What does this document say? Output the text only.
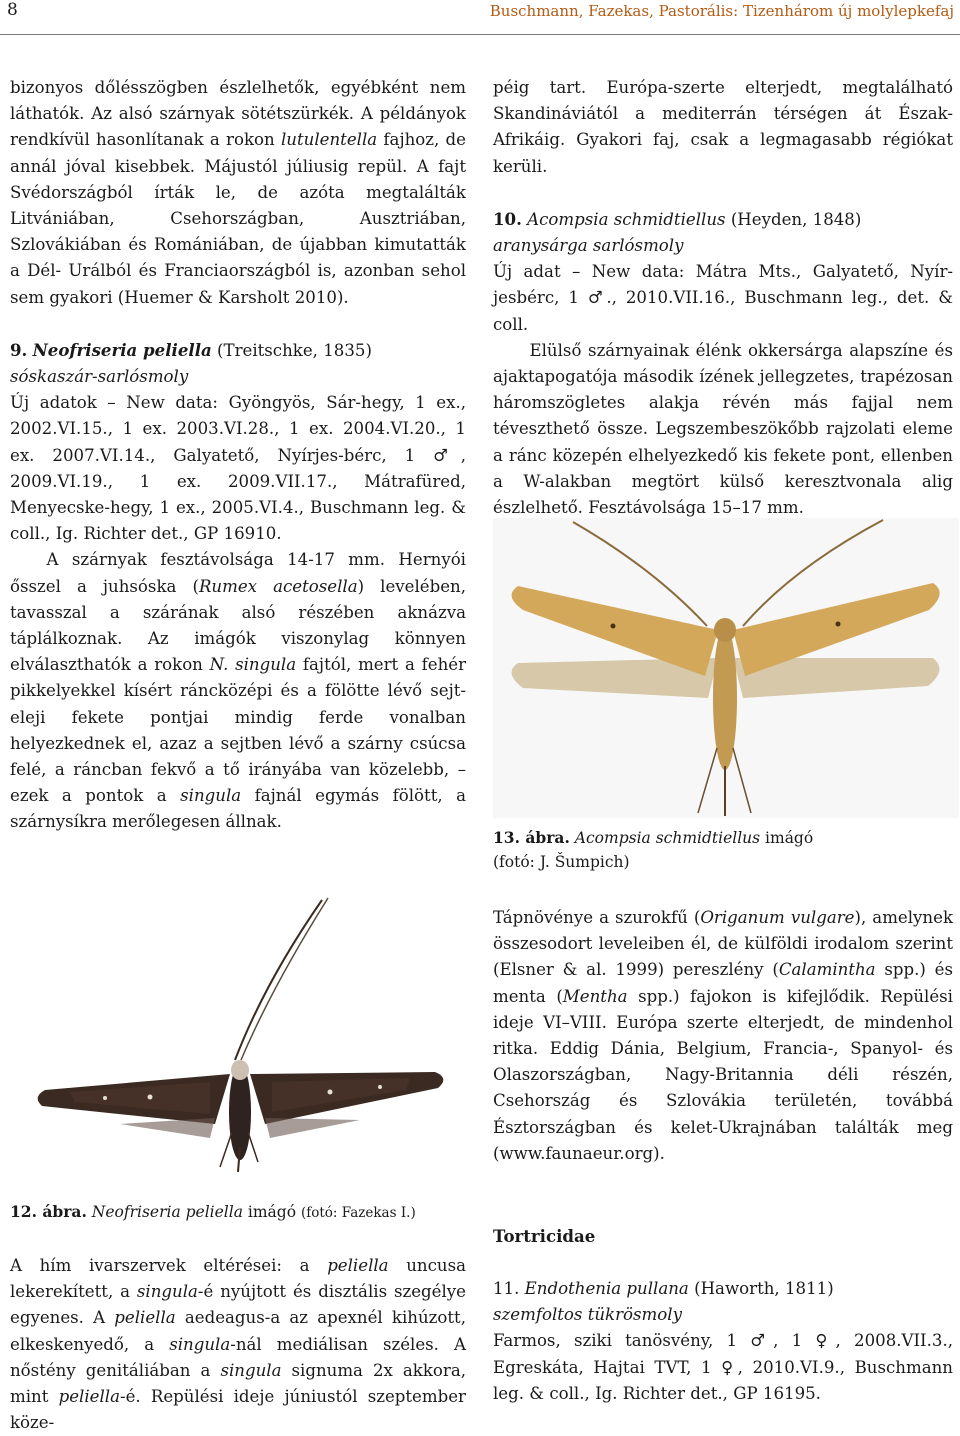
8	Buschmann, Fazekas, Pastorális: Tizenhárom új molylepkefaj

bizonyos dőlésszögben észlelhetők, egyébként nem láthatók. Az alsó szárnyak sötétszürkék. A példányok rendkívül hasonlítanak a rokon lutulentella fajhoz, de annál jóval kisebbek. Májustól júliusig repül. A fajt Svédországból írták le, de azóta megtalálták Litvániában, Csehországban, Ausztriában, Szlovákiában és Romániában, de újabban kimutatták a Dél- Urálból és Franciaországból is, azonban sehol sem gyakori (Huemer & Karsholt 2010).

9. Neofriseria peliella (Treitschke, 1835)

sóskaszár-sarlósmoly

Új adatok – New data: Gyöngyös, Sár-hegy, 1 ex., 2002.VI.15., 1 ex. 2003.VI.28., 1 ex. 2004.VI.20., 1 ex. 2007.VI.14., Galyatető, Nyírjes-bérc, 1 ♂, 2009.VI.19., 1 ex. 2009.VII.17., Mátrafüred, Menyecske-hegy, 1 ex., 2005.VI.4., Buschmann leg. & coll., Ig. Richter det., GP 16910.

A szárnyak fesztávolsága 14-17 mm. Hernyói ősszel a juhsóska (Rumex acetosella) levelében, tavasszal a szárának alsó részében aknázva táplálkoznak. Az imágók viszonylag könnyen elválaszthatók a rokon N. singula fajtól, mert a fehér pikkelyekkel kísért ráncközépi és a fölötte lévő sejt-eleji fekete pontjai mindig ferde vonalban helyezkednek el, azaz a sejtben lévő a szárny csúcsa felé, a ráncban fekvő a tő irányába van közelebb, – ezek a pontok a singula fajnál egymás fölött, a szárnysíkra merőlegesen állnak.

12. ábra. Neofriseria peliella imágó (fotó: Fazekas I.)

A hím ivarszervek eltérései: a peliella uncusa lekerekített, a singula-é nyújtott és disztális szegélye egyenes. A peliella aedeagus-a az apexnél kihúzott, elkeskenyedő, a singula-nál mediálisan széles. A nőstény genitáliában a singula signuma 2x akkora, mint peliella-é. Repülési ideje júniustól szeptember köze-

péig tart. Európa-szerte elterjedt, megtalálható Skandináviától a mediterrán térségen át Észak-Afrikáig. Gyakori faj, csak a legmagasabb régiókat kerüli.

10. Acompsia schmidtiellus (Heyden, 1848)

aranysárga sarlósmoly

Új adat – New data: Mátra Mts., Galyatető, Nyír-jesbérc, 1 ♂., 2010.VII.16., Buschmann leg., det. & coll.

Elülső szárnyainak élénk okkersárga alapszíne és ajaktapogatója második ízének jellegzetes, trapézosan háromszögletes alakja révén más fajjal nem téveszthető össze. Legszembeszökőbb rajzolati eleme a ránc közepén elhelyezkedő kis fekete pont, ellenben a W-alakban megtört külső keresztvonala alig észlelhető. Fesztávolsága 15–17 mm.

13. ábra. Acompsia schmidtiellus imágó
(fotó: J. Šumpich)

Tápnövénye a szurokfű (Origanum vulgare), amelynek összesodort leveleiben él, de külföldi irodalom szerint (Elsner & al. 1999) pereszlény (Calamintha spp.) és menta (Mentha spp.) fajokon is kifejlődik. Repülési ideje VI–VIII. Európa szerte elterjedt, de mindenhol ritka. Eddig Dánia, Belgium, Francia-, Spanyol- és Olaszországban, Nagy-Britannia déli részén, Csehország és Szlovákia területén, továbbá Észtországban és kelet-Ukrajnában találták meg (www.faunaeur.org).

Tortricidae

11. Endothenia pullana (Haworth, 1811)

szemfoltos tükrösmoly

Farmos, sziki tanösvény, 1 ♂, 1 ♀, 2008.VII.3., Egreskáta, Hajtai TVT, 1 ♀, 2010.VI.9., Buschmann leg. & coll., Ig. Richter det., GP 16195.
